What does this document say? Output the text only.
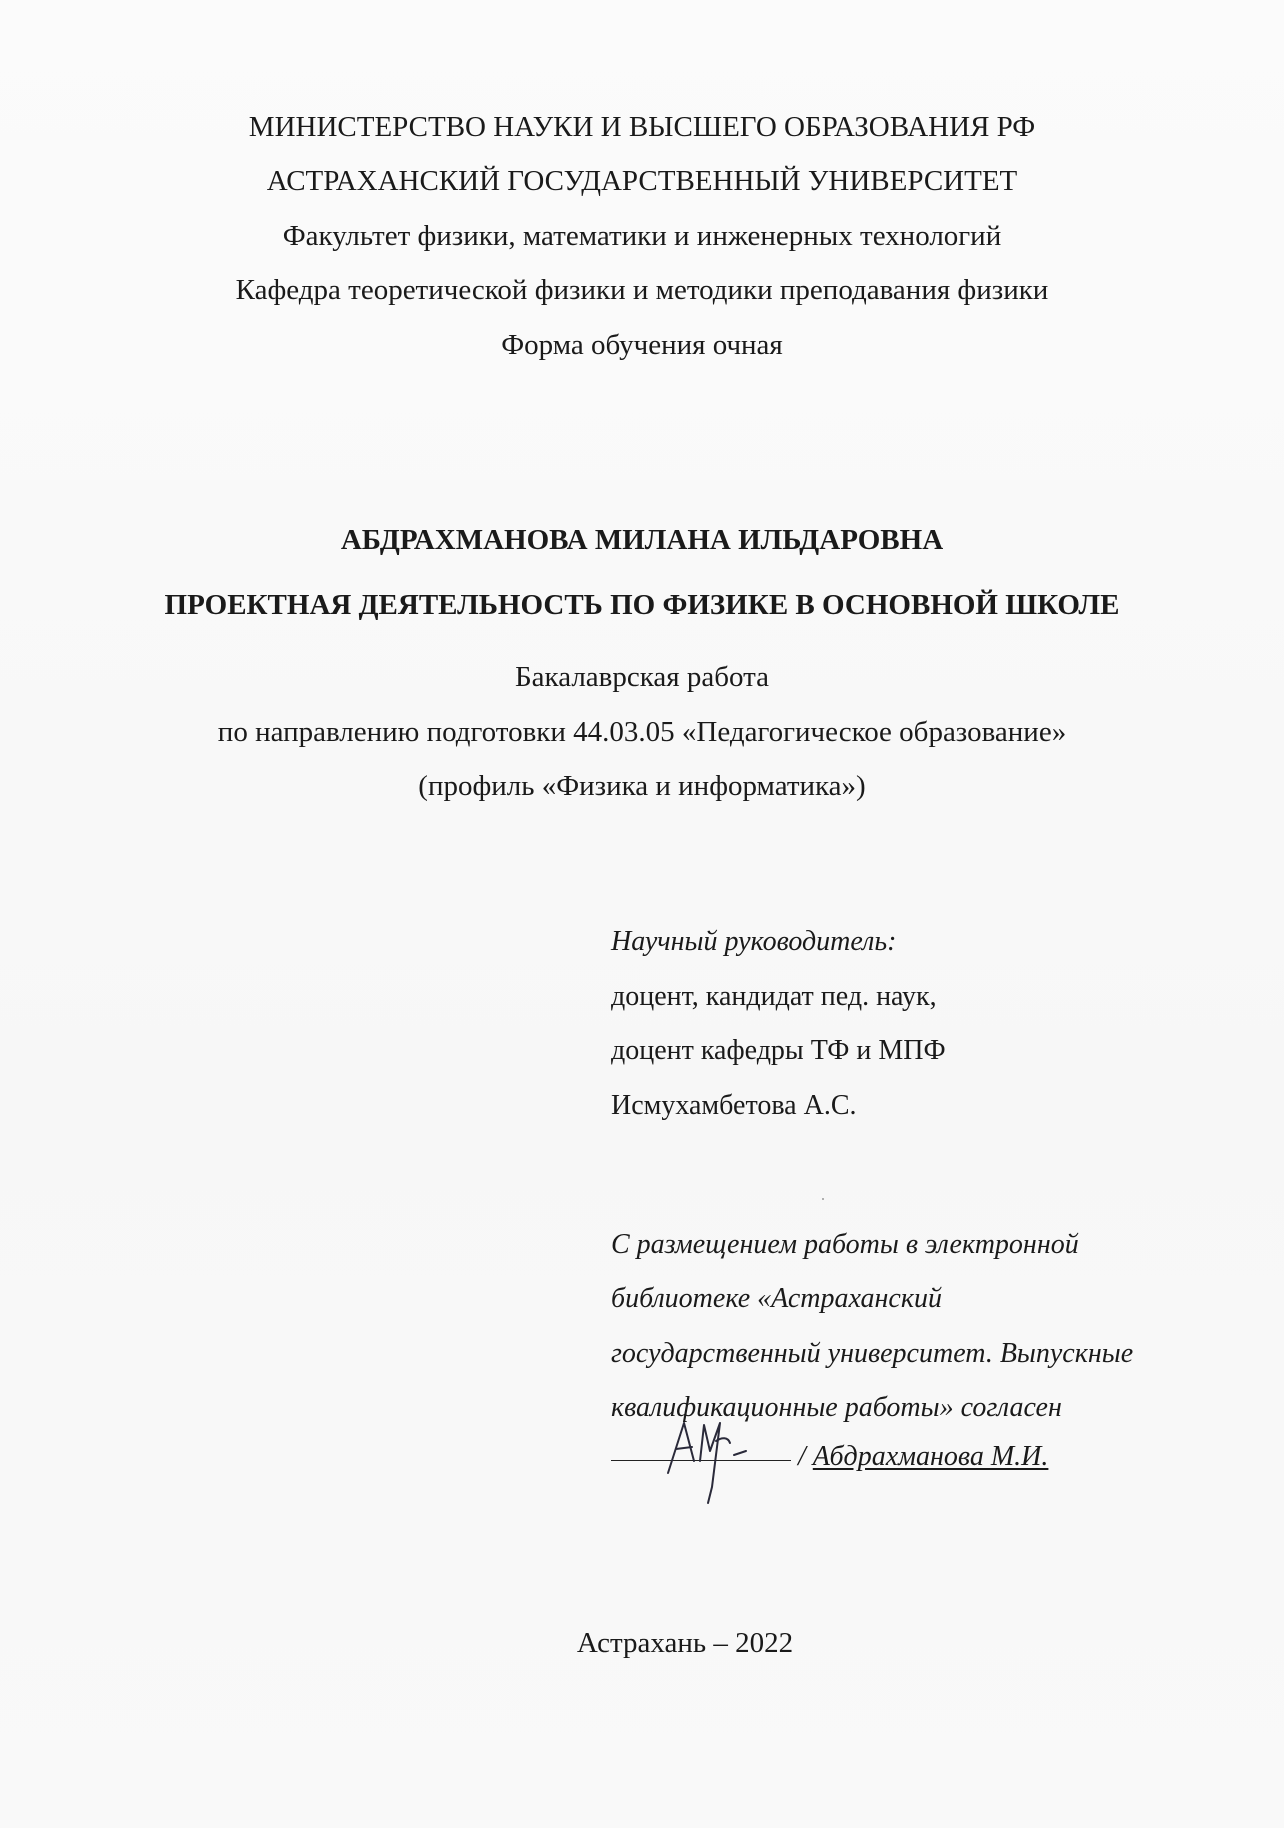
МИНИСТЕРСТВО НАУКИ И ВЫСШЕГО ОБРАЗОВАНИЯ РФ
АСТРАХАНСКИЙ ГОСУДАРСТВЕННЫЙ УНИВЕРСИТЕТ
Факультет физики, математики и инженерных технологий
Кафедра теоретической физики и методики преподавания физики
Форма обучения очная
АБДРАХМАНОВА МИЛАНА ИЛЬДАРОВНА
ПРОЕКТНАЯ ДЕЯТЕЛЬНОСТЬ ПО ФИЗИКЕ В ОСНОВНОЙ ШКОЛЕ
Бакалаврская работа
по направлению подготовки 44.03.05 «Педагогическое образование»
(профиль «Физика и информатика»)
Научный руководитель:
доцент, кандидат пед. наук,
доцент кафедры ТФ и МПФ
Исмухамбетова А.С.
С размещением работы в электронной
библиотеке «Астраханский
государственный университет. Выпускные
квалификационные работы» согласен
/ Абдрахманова М.И.
Астрахань – 2022
